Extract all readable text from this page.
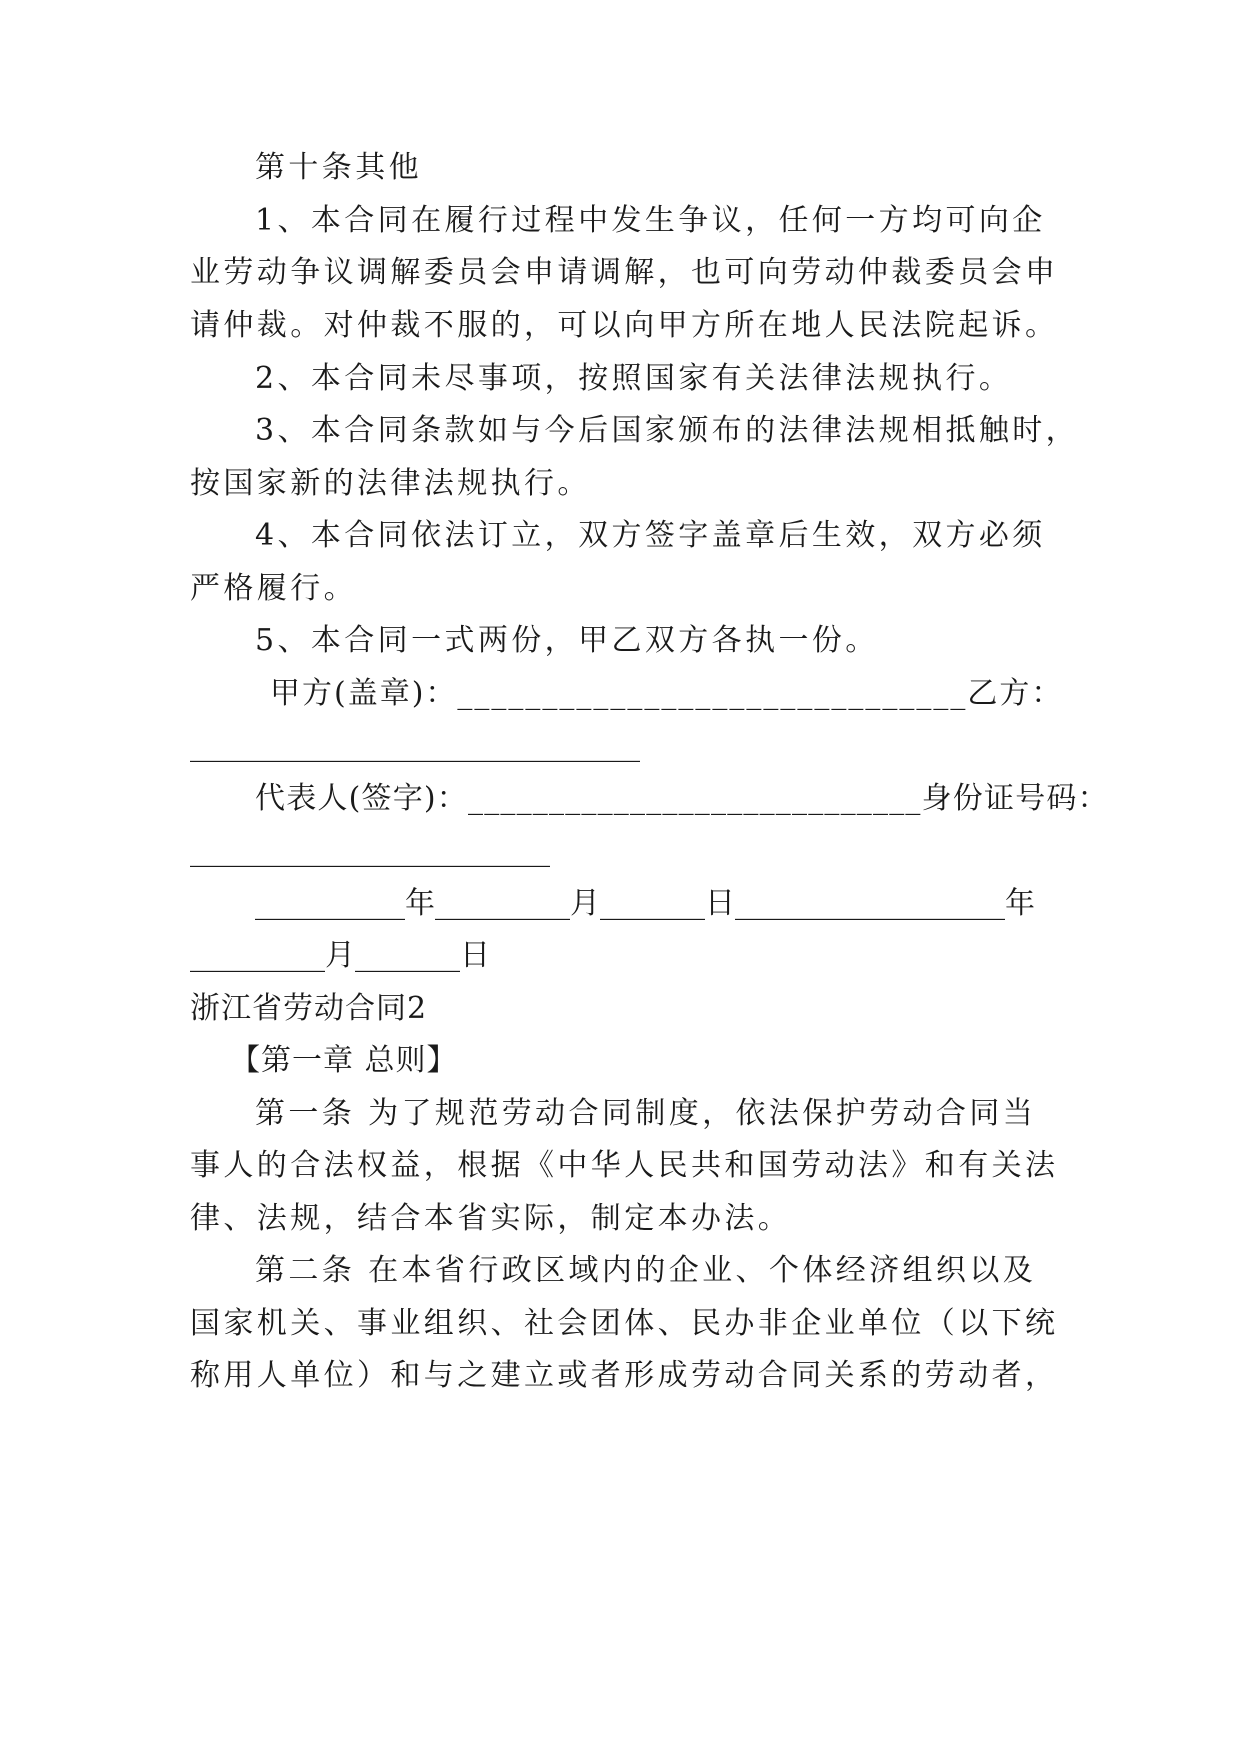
第十条其他
1、本合同在履行过程中发生争议，任何一方均可向企
业劳动争议调解委员会申请调解，也可向劳动仲裁委员会申
请仲裁。对仲裁不服的，可以向甲方所在地人民法院起诉。
2、本合同未尽事项，按照国家有关法律法规执行。
3、本合同条款如与今后国家颁布的法律法规相抵触时，
按国家新的法律法规执行。
4、本合同依法订立，双方签字盖章后生效，双方必须
严格履行。
5、本合同一式两份，甲乙双方各执一份。
甲方(盖章)：______________________________乙方：
______________________________
代表人(签字)：____________________________身份证号码：
________________________
__________年_________月_______日__________________年
_________月_______日
浙江省劳动合同2
【第一章 总则】
第一条 为了规范劳动合同制度，依法保护劳动合同当
事人的合法权益，根据《中华人民共和国劳动法》和有关法
律、法规，结合本省实际，制定本办法。
第二条 在本省行政区域内的企业、个体经济组织以及
国家机关、事业组织、社会团体、民办非企业单位（以下统
称用人单位）和与之建立或者形成劳动合同关系的劳动者，
